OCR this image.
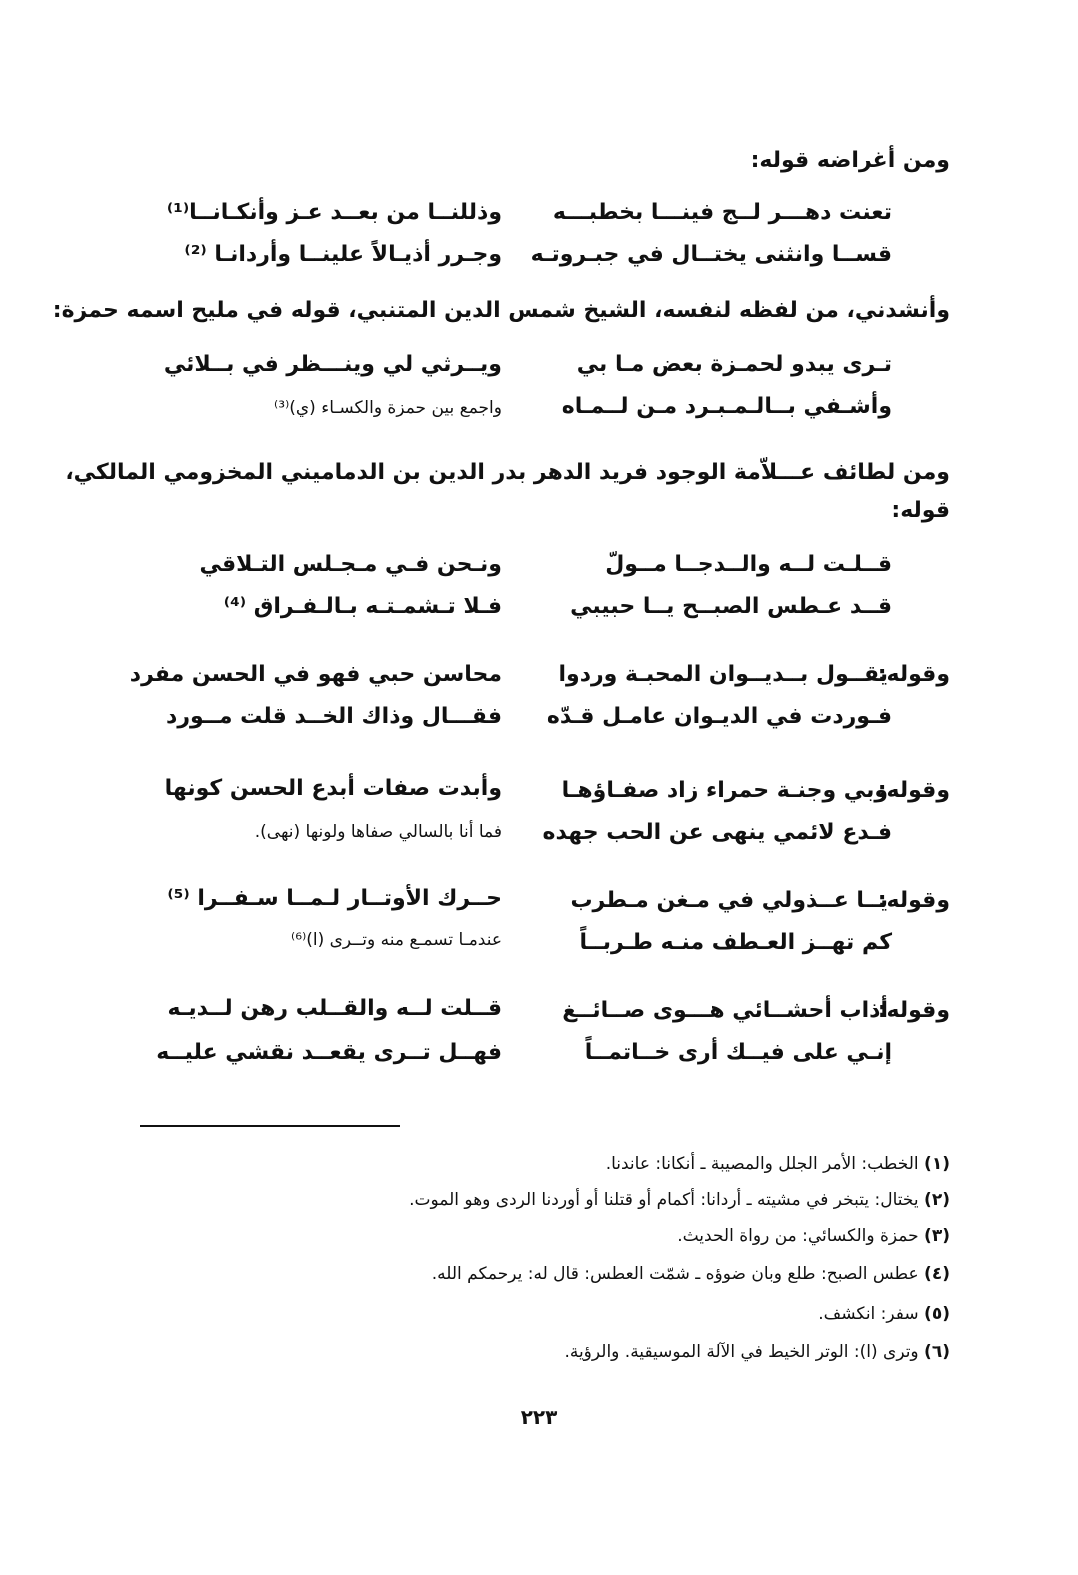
ومن أغراضه قوله:
تعنت دهـــر لــج فينـــا بخطبـــه
وذللنــا من بعــد عـز وأنكـانــا⁽¹⁾
قســا وانثنى يختــال في جبـروتـه
وجـرر أذيـالاً علينــا وأردانـا ⁽²⁾
وأنشدني، من لفظه لنفسه، الشيخ شمس الدين المتنبي، قوله في مليح اسمه حمزة:
تـرى يبدو لحمـزة بعض مـا بي
ويــرثي لي وينـــظر في بــلائي
وأشـفي بــالـمـبـرد مـن لــمـاه
واجمع بين حمزة والكسـاء (ي)⁽³⁾
ومن لطائف عـــلاّمة الوجود فريد الدهر بدر الدين بن الدماميني المخزومي المالكي،
قوله:
قــلـت لــه والــدجــا مــولّ
ونـحن فـي مـجـلس التـلاقي
قــد عـطس الصبــح يــا حبيبي
فـلا تـشمـتـه بـالـفـراق ⁽⁴⁾
وقوله:
يقــول بــديــوان المحبـة وردوا
محاسن حبي فهو في الحسن مفرد
فـوردت في الديـوان عامـل قـدّه
فقـــال وذاك الخــد قلت مــورد
وقوله:
وبي وجنـة حمراء زاد صفـاؤهـا
وأبدت صفات أبدع الحسن كونها
فـدع لائمي ينهى عن الحب جهده
فما أنا بالسالي صفاها ولونها (نهى).
وقوله:
يــا عــذولي في مـغن مـطرب
حــرك الأوتــار لـمــا سـفــرا ⁽⁵⁾
كم تهــز العـطف منـه طـربــاً
عندمـا تسمـع منه وتــرى (ا)⁽⁶⁾
وقوله:
أذاب أحشــائي هـــوى صــائــغ
قــلت لــه والقــلب رهن لــديـه
إنـي على فيــك أرى خــاتمــاً
فهــل تــرى يقعــد نقشي عليــه
(١) الخطب: الأمر الجلل والمصيبة ـ أنكانا: عاندنا.
(٢) يختال: يتبخر في مشيته ـ أردانا: أكمام أو قتلنا أو أوردنا الردى وهو الموت.
(٣) حمزة والكسائي: من رواة الحديث.
(٤) عطس الصبح: طلع وبان ضوؤه ـ شمّت العطس: قال له: يرحمكم الله.
(٥) سفر: انكشف.
(٦) وترى (ا): الوتر الخيط في الآلة الموسيقية. والرؤية.
٢٢٣
